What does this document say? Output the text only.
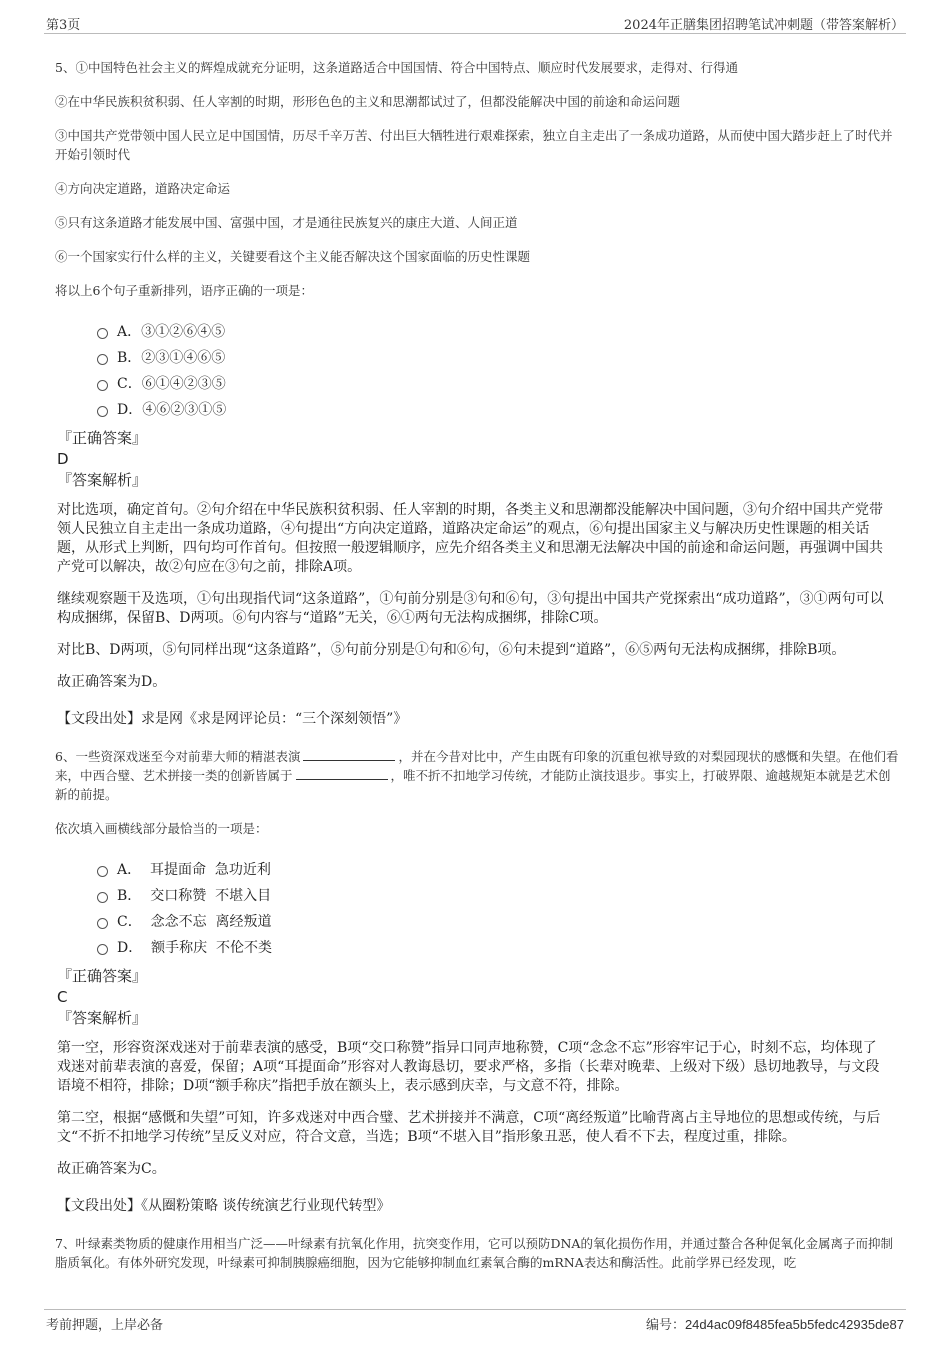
第3页	2024年正膳集团招聘笔试冲刺题（带答案解析）
5、①中国特色社会主义的辉煌成就充分证明，这条道路适合中国国情、符合中国特点、顺应时代发展要求，走得对、行得通
②在中华民族积贫积弱、任人宰割的时期，形形色色的主义和思潮都试过了，但都没能解决中国的前途和命运问题
③中国共产党带领中国人民立足中国国情，历尽千辛万苦、付出巨大牺牲进行艰难探索，独立自主走出了一条成功道路，从而使中国大踏步赶上了时代并开始引领时代
④方向决定道路，道路决定命运
⑤只有这条道路才能发展中国、富强中国，才是通往民族复兴的康庄大道、人间正道
⑥一个国家实行什么样的主义，关键要看这个主义能否解决这个国家面临的历史性课题
将以上6个句子重新排列，语序正确的一项是：
A．③①②⑥④⑤
B．②③①④⑥⑤
C．⑥①④②③⑤
D．④⑥②③①⑤
『正确答案』
D
『答案解析』
对比选项，确定首句。②句介绍在中华民族积贫积弱、任人宰割的时期，各类主义和思潮都没能解决中国问题，③句介绍中国共产党带领人民独立自主走出一条成功道路，④句提出“方向决定道路，道路决定命运”的观点，⑥句提出国家主义与解决历史性课题的相关话题，从形式上判断，四句均可作首句。但按照一般逻辑顺序，应先介绍各类主义和思潮无法解决中国的前途和命运问题，再强调中国共产党可以解决，故②句应在③句之前，排除A项。
继续观察题干及选项，①句出现指代词“这条道路”，①句前分别是③句和⑥句，③句提出中国共产党探索出“成功道路”，③①两句可以构成捆绑，保留B、D两项。⑥句内容与“道路”无关，⑥①两句无法构成捆绑，排除C项。
对比B、D两项，⑤句同样出现“这条道路”，⑤句前分别是①句和⑥句，⑥句未提到“道路”，⑥⑤两句无法构成捆绑，排除B项。
故正确答案为D。
【文段出处】求是网《求是网评论员：“三个深刻领悟”》
6、一些资深戏迷至今对前辈大师的精湛表演	，并在今昔对比中，产生由既有印象的沉重包袱导致的对梨园现状的感慨和失望。在他们看来，中西合璧、艺术拼接一类的创新皆属于	，唯不折不扣地学习传统，才能防止演技退步。事实上，打破界限、逾越规矩本就是艺术创新的前提。
依次填入画横线部分最恰当的一项是：
A．  耳提面命  急功近利
B．  交口称赞  不堪入目
C．  念念不忘  离经叛道
D．  额手称庆  不伦不类
『正确答案』
C
『答案解析』
第一空，形容资深戏迷对于前辈表演的感受，B项“交口称赞”指异口同声地称赞，C项“念念不忘”形容牢记于心，时刻不忘，均体现了戏迷对前辈表演的喜爱，保留；A项“耳提面命”形容对人教诲恳切，要求严格，多指（长辈对晚辈、上级对下级）恳切地教导，与文段语境不相符，排除；D项“额手称庆”指把手放在额头上，表示感到庆幸，与文意不符，排除。
第二空，根据“感慨和失望”可知，许多戏迷对中西合璧、艺术拼接并不满意，C项“离经叛道”比喻背离占主导地位的思想或传统，与后文“不折不扣地学习传统”呈反义对应，符合文意，当选；B项“不堪入目”指形象丑恶，使人看不下去，程度过重，排除。
故正确答案为C。
【文段出处】《从圈粉策略 谈传统演艺行业现代转型》
7、叶绿素类物质的健康作用相当广泛——叶绿素有抗氧化作用，抗突变作用，它可以预防DNA的氧化损伤作用，并通过螯合各种促氧化金属离子而抑制脂质氧化。有体外研究发现，叶绿素可抑制胰腺癌细胞，因为它能够抑制血红素氧合酶的mRNA表达和酶活性。此前学界已经发现，吃
考前押题，上岸必备	编号：24d4ac09f8485fea5b5fedc42935de87
